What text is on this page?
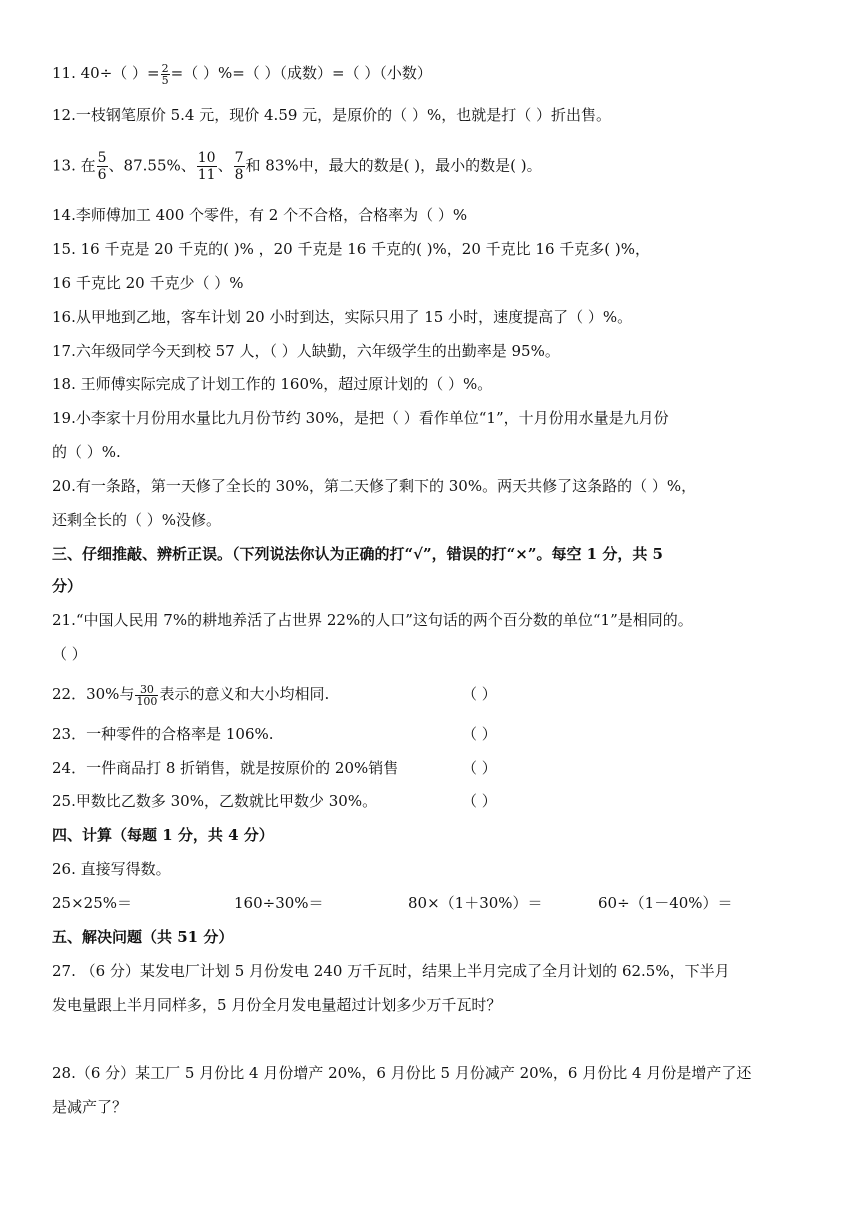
11. 40÷（ ）= $\frac{2}{5}$ =（ ）%=（ ）（成数）=（ ）（小数）
12.一枝钢笔原价 5.4 元，现价 4.59 元，是原价的（ ）%，也就是打（ ）折出售。
13. 在 $\frac{5}{6}$ 、87.55%、 $\frac{10}{11}$ 、 $\frac{7}{8}$ 和 83%中，最大的数是( )，最小的数是( )。
14.李师傅加工 400 个零件，有 2 个不合格，合格率为（ ）%
15. 16 千克是 20 千克的( )% ，20 千克是 16 千克的( )%，20 千克比 16 千克多( )%，
16 千克比 20 千克少（ ）%
16.从甲地到乙地，客车计划 20 小时到达，实际只用了 15 小时，速度提高了（ ）%。
17.六年级同学今天到校 57 人，（ ）人缺勤，六年级学生的出勤率是 95%。
18. 王师傅实际完成了计划工作的 160%，超过原计划的（ ）%。
19.小李家十月份用水量比九月份节约 30%，是把（ ）看作单位“1”，十月份用水量是九月份
的（ ）%.
20.有一条路，第一天修了全长的 30%，第二天修了剩下的 30%。两天共修了这条路的（ ）%，
还剩全长的（ ）%没修。
三、仔细推敲、辨析正误。（下列说法你认为正确的打“√”，错误的打“×”。每空 1 分，共 5
分）
21.“中国人民用 7%的耕地养活了占世界 22%的人口”这句话的两个百分数的单位“1”是相同的。
（ ）
22．30%与 $\frac{30}{100}$ 表示的意义和大小均相同.	（ ）
23．一种零件的合格率是 106%.	（ ）
24．一件商品打 8 折销售，就是按原价的 20%销售	（ ）
25.甲数比乙数多 30%，乙数就比甲数少 30%。	（ ）
四、计算（每题 1 分，共 4 分）
26. 直接写得数。
25×25%＝	160÷30%＝	80×（1＋30%）＝	60÷（1－40%）＝
五、解决问题（共 51 分）
27. （6 分）某发电厂计划 5 月份发电 240 万千瓦时，结果上半月完成了全月计划的 62.5%，下半月
发电量跟上半月同样多，5 月份全月发电量超过计划多少万千瓦时？
28.（6 分）某工厂 5 月份比 4 月份增产 20%，6 月份比 5 月份减产 20%，6 月份比 4 月份是增产了还
是减产了？
